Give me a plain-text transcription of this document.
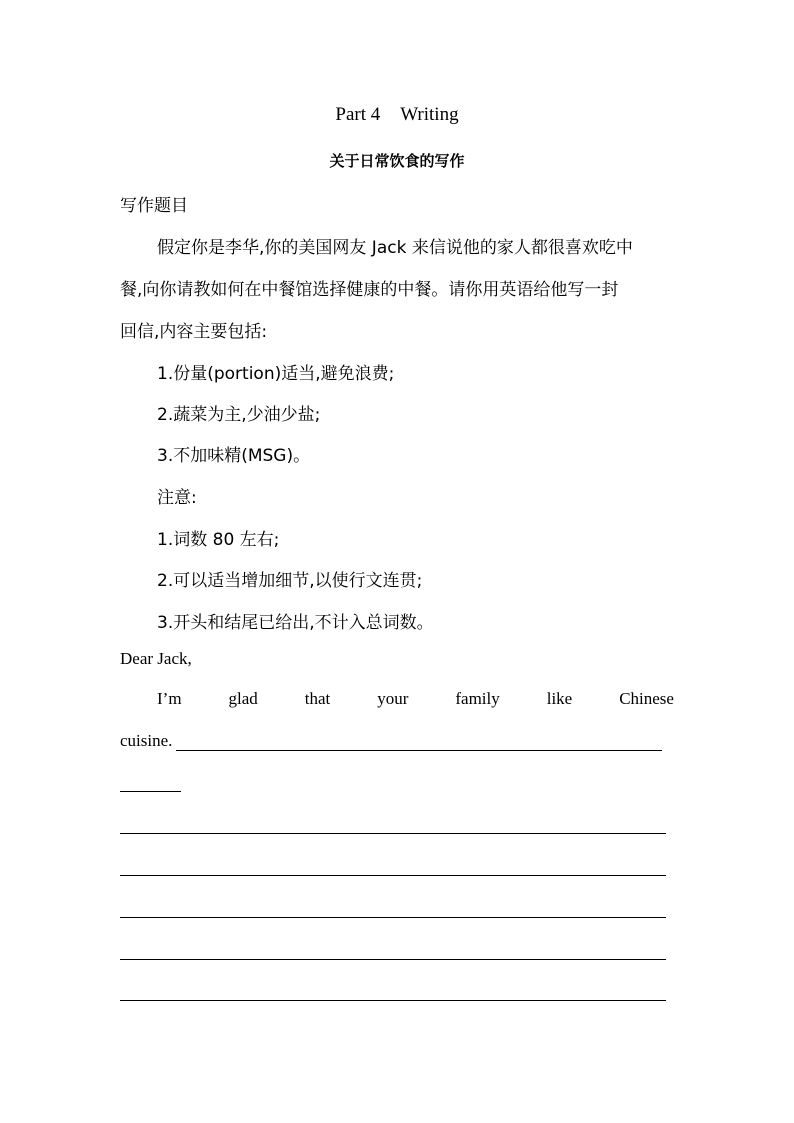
Part 4 Writing
关于日常饮食的写作
写作题目
假定你是李华,你的美国网友 Jack 来信说他的家人都很喜欢吃中
餐,向你请教如何在中餐馆选择健康的中餐。请你用英语给他写一封
回信,内容主要包括:
1.份量(portion)适当,避免浪费;
2.蔬菜为主,少油少盐;
3.不加味精(MSG)。
注意:
1.词数 80 左右;
2.可以适当增加细节,以使行文连贯;
3.开头和结尾已给出,不计入总词数。
Dear Jack,
I’m	glad	that	your	family	like	Chinese
cuisine.
